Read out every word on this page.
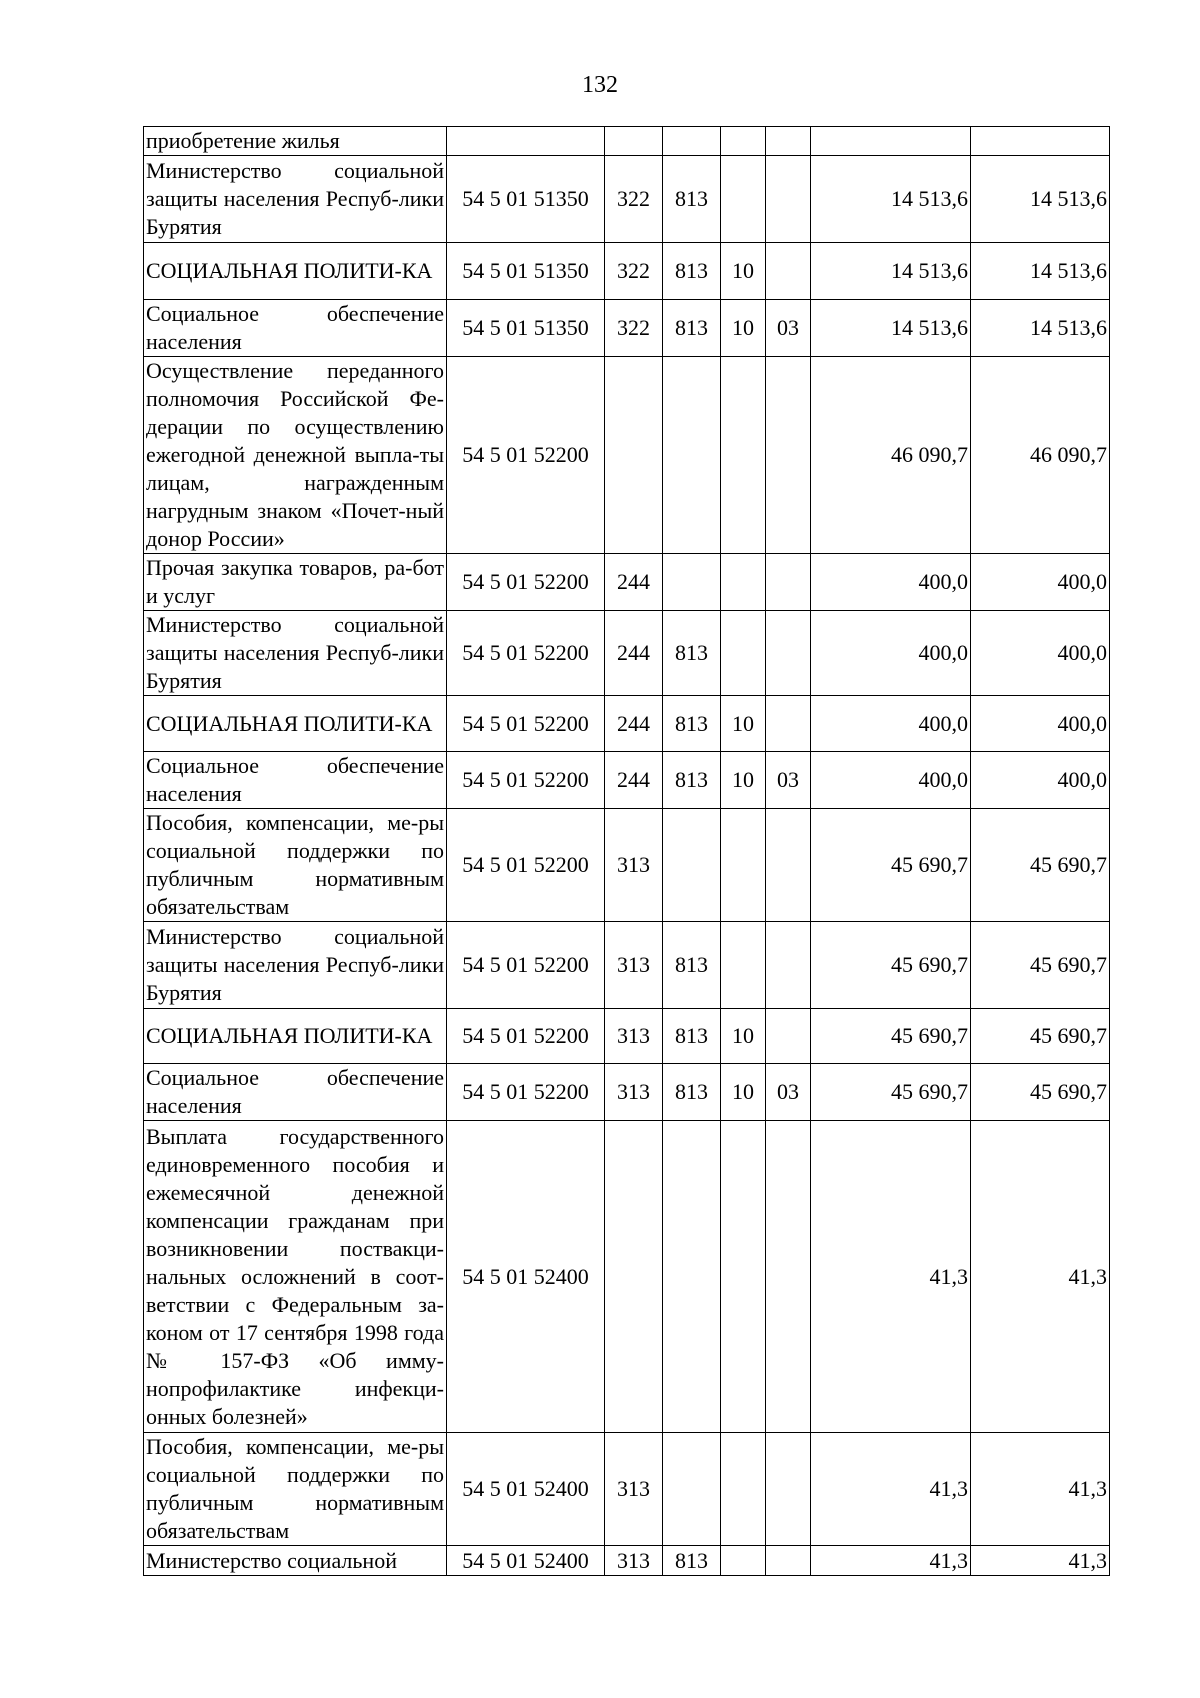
132
приобретение жилья							
Министерство социальной защиты населения Респуб-лики Бурятия	54 5 01 51350	322	813			14 513,6	14 513,6
СОЦИАЛЬНАЯ ПОЛИТИ-КА	54 5 01 51350	322	813	10		14 513,6	14 513,6
Социальное обеспечение населения	54 5 01 51350	322	813	10	03	14 513,6	14 513,6
Осуществление переданного полномочия Российской Фе-дерации по осуществлению ежегодной денежной выпла-ты лицам, награжденным нагрудным знаком «Почет-ный донор России»	54 5 01 52200					46 090,7	46 090,7
Прочая закупка товаров, ра-бот и услуг	54 5 01 52200	244				400,0	400,0
Министерство социальной защиты населения Респуб-лики Бурятия	54 5 01 52200	244	813			400,0	400,0
СОЦИАЛЬНАЯ ПОЛИТИ-КА	54 5 01 52200	244	813	10		400,0	400,0
Социальное обеспечение населения	54 5 01 52200	244	813	10	03	400,0	400,0
Пособия, компенсации, ме-ры социальной поддержки по публичным нормативным обязательствам	54 5 01 52200	313				45 690,7	45 690,7
Министерство социальной защиты населения Респуб-лики Бурятия	54 5 01 52200	313	813			45 690,7	45 690,7
СОЦИАЛЬНАЯ ПОЛИТИ-КА	54 5 01 52200	313	813	10		45 690,7	45 690,7
Социальное обеспечение населения	54 5 01 52200	313	813	10	03	45 690,7	45 690,7
Выплата государственного единовременного пособия и ежемесячной денежной компенсации гражданам при возникновении поствакци-нальных осложнений в соот-ветствии с Федеральным за-коном от 17 сентября 1998 года № 157-ФЗ «Об имму-нопрофилактике инфекци-онных болезней»	54 5 01 52400					41,3	41,3
Пособия, компенсации, ме-ры социальной поддержки по публичным нормативным обязательствам	54 5 01 52400	313				41,3	41,3
Министерство социальной	54 5 01 52400	313	813			41,3	41,3
